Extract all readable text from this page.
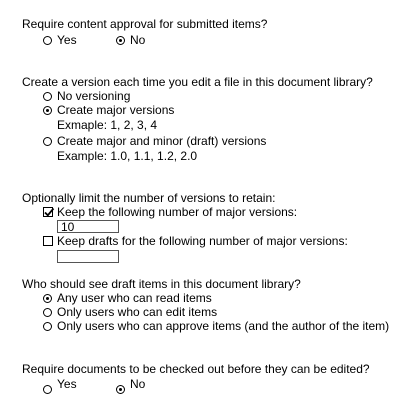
Require content approval for submitted items?
Yes	No
Create a version each time you edit a file in this document library?
No versioning
Create major versions
Exmaple: 1, 2, 3, 4
Create major and minor (draft) versions
Example: 1.0, 1.1, 1.2, 2.0
Optionally limit the number of versions to retain:
Keep the following number of major versions:
10
Keep drafts for the following number of major versions:
Who should see draft items in this document library?
Any user who can read items
Only users who can edit items
Only users who can approve items (and the author of the item)
Require documents to be checked out before they can be edited?
Yes	No
